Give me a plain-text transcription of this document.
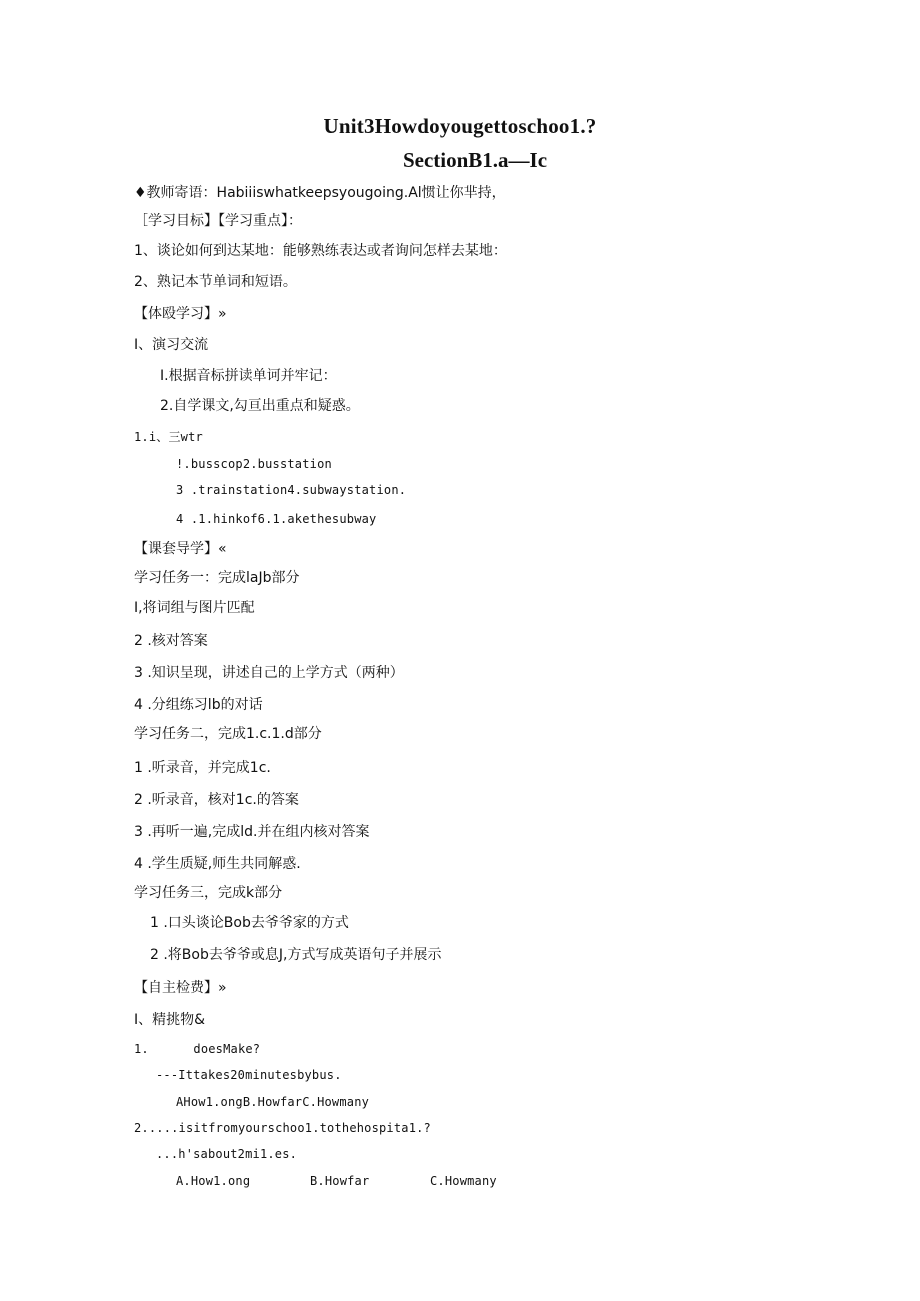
Unit3Howdoyougettoschoo1.?
SectionB1.a—Ic
♦教师寄语：Habiiiswhatkeepsyougoing.Al惯让你芈持，
［学习目标】【学习重点】：
1、谈论如何到达某地：能够熟练表达或者询问怎样去某地：
2、熟记本节单词和短语。
【体殴学习】»
I、演习交流
I.根据音标拼读单诃并牢记：
2.自学课文,勾亘出重点和疑惑。
1.i、三wtr
!.busscop2.busstation
3 .trainstation4.subwaystation.
4 .1.hinkof6.1.akethesubway
【课套导学】«
学习任务一：完成laJb部分
I,将词组与图片匹配
2 .核对答案
3 .知识呈现，讲述自己的上学方式（两种）
4 .分组练习lb的对话
学习任务二，完成1.c.1.d部分
1 .听录音，并完成1c.
2 .听录音，核对1c.的答案
3 .再听一遍,完成ld.并在组内核对答案
4 .学生质疑,师生共同解惑.
学习任务三，完成k部分
1 .口头谈论Bob去爷爷家的方式
2 .将Bob去爷爷或息J,方式写成英语句子并展示
【自主检费】»
I、精挑物&
1.      doesMake?
---Ittakes20minutesbybus.
AHow1.ongB.HowfarC.Howmany
2.....isitfromyourschoo1.tothehospita1.?
...h'sabout2mi1.es.
A.How1.ong	B.Howfar	C.Howmany
